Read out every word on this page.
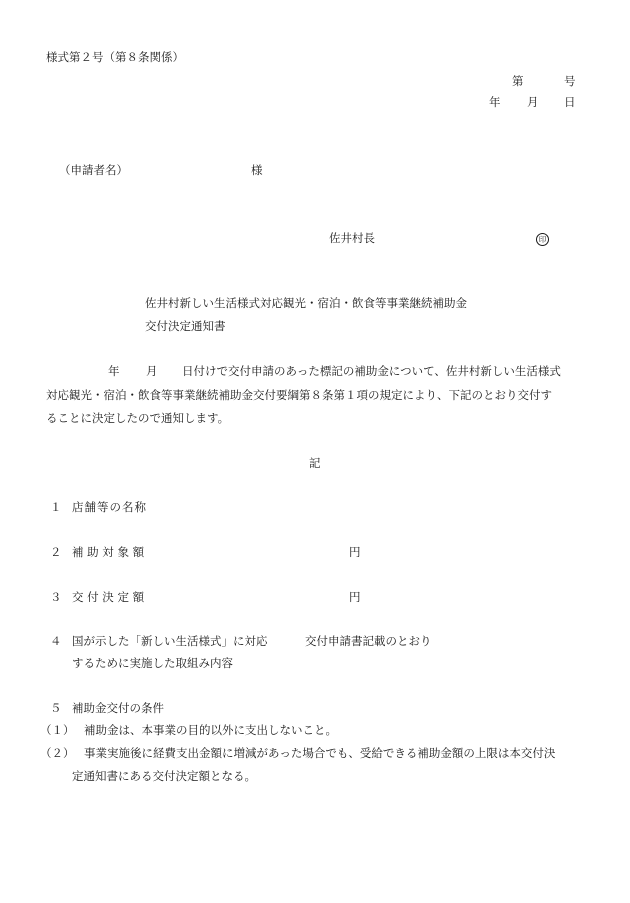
様式第２号（第８条関係）
第	号
年 月 日
（申請者名）	様
佐井村長	印
佐井村新しい生活様式対応観光・宿泊・飲食等事業継続補助金
交付決定通知書
年 月 日付けで交付申請のあった標記の補助金について、佐井村新しい生活様式
対応観光・宿泊・飲食等事業継続補助金交付要綱第８条第１項の規定により、下記のとおり交付す
ることに決定したので通知します。
記
１ 店舗等の名称
２ 補 助 対 象 額	円
３ 交 付 決 定 額	円
４ 国が示した「新しい生活様式」に対応
するために実施した取組み内容
交付申請書記載のとおり
５ 補助金交付の条件
（１） 補助金は、本事業の目的以外に支出しないこと。
（２） 事業実施後に経費支出金額に増減があった場合でも、受給できる補助金額の上限は本交付決
定通知書にある交付決定額となる。
